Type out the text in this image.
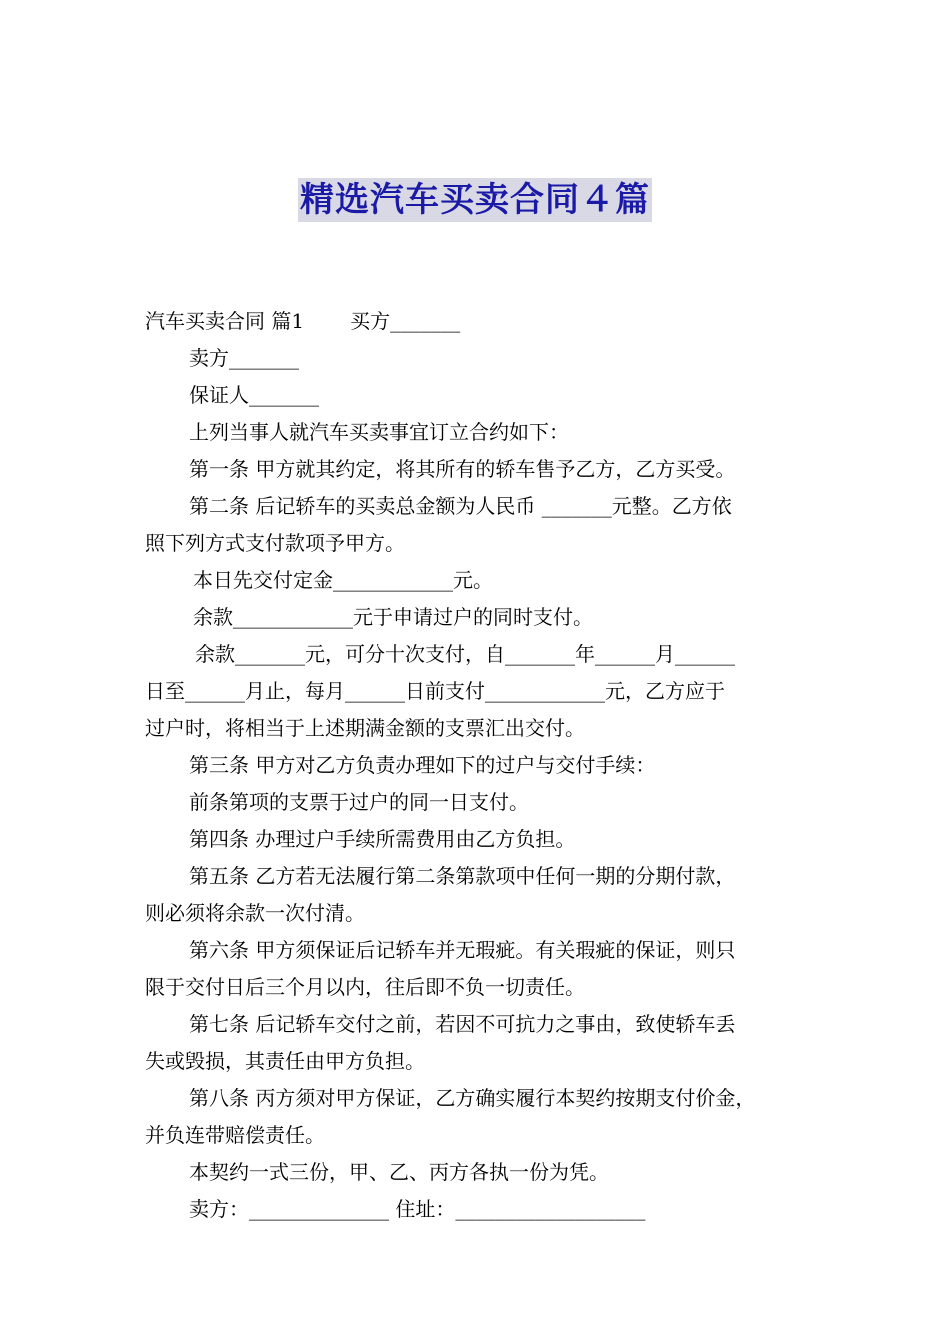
精选汽车买卖合同４篇

汽车买卖合同 篇1 买方_______

卖方_______

保证人_______

上列当事人就汽车买卖事宜订立合约如下：

第一条 甲方就其约定，将其所有的轿车售予乙方，乙方买受。

第二条 后记轿车的买卖总金额为人民币 _______元整。乙方依

照下列方式支付款项予甲方。

本日先交付定金____________元。

余款____________元于申请过户的同时支付。

余款_______元，可分十次支付，自_______年______月______

日至______月止，每月______日前支付____________元，乙方应于

过户时，将相当于上述期满金额的支票汇出交付。

第三条 甲方对乙方负责办理如下的过户与交付手续：

前条第项的支票于过户的同一日支付。

第四条 办理过户手续所需费用由乙方负担。

第五条 乙方若无法履行第二条第款项中任何一期的分期付款，

则必须将余款一次付清。

第六条 甲方须保证后记轿车并无瑕疵。有关瑕疵的保证，则只

限于交付日后三个月以内，往后即不负一切责任。

第七条 后记轿车交付之前，若因不可抗力之事由，致使轿车丢

失或毁损，其责任由甲方负担。

第八条 丙方须对甲方保证，乙方确实履行本契约按期支付价金，

并负连带赔偿责任。

本契约一式三份，甲、乙、丙方各执一份为凭。

卖方：______________ 住址：___________________
